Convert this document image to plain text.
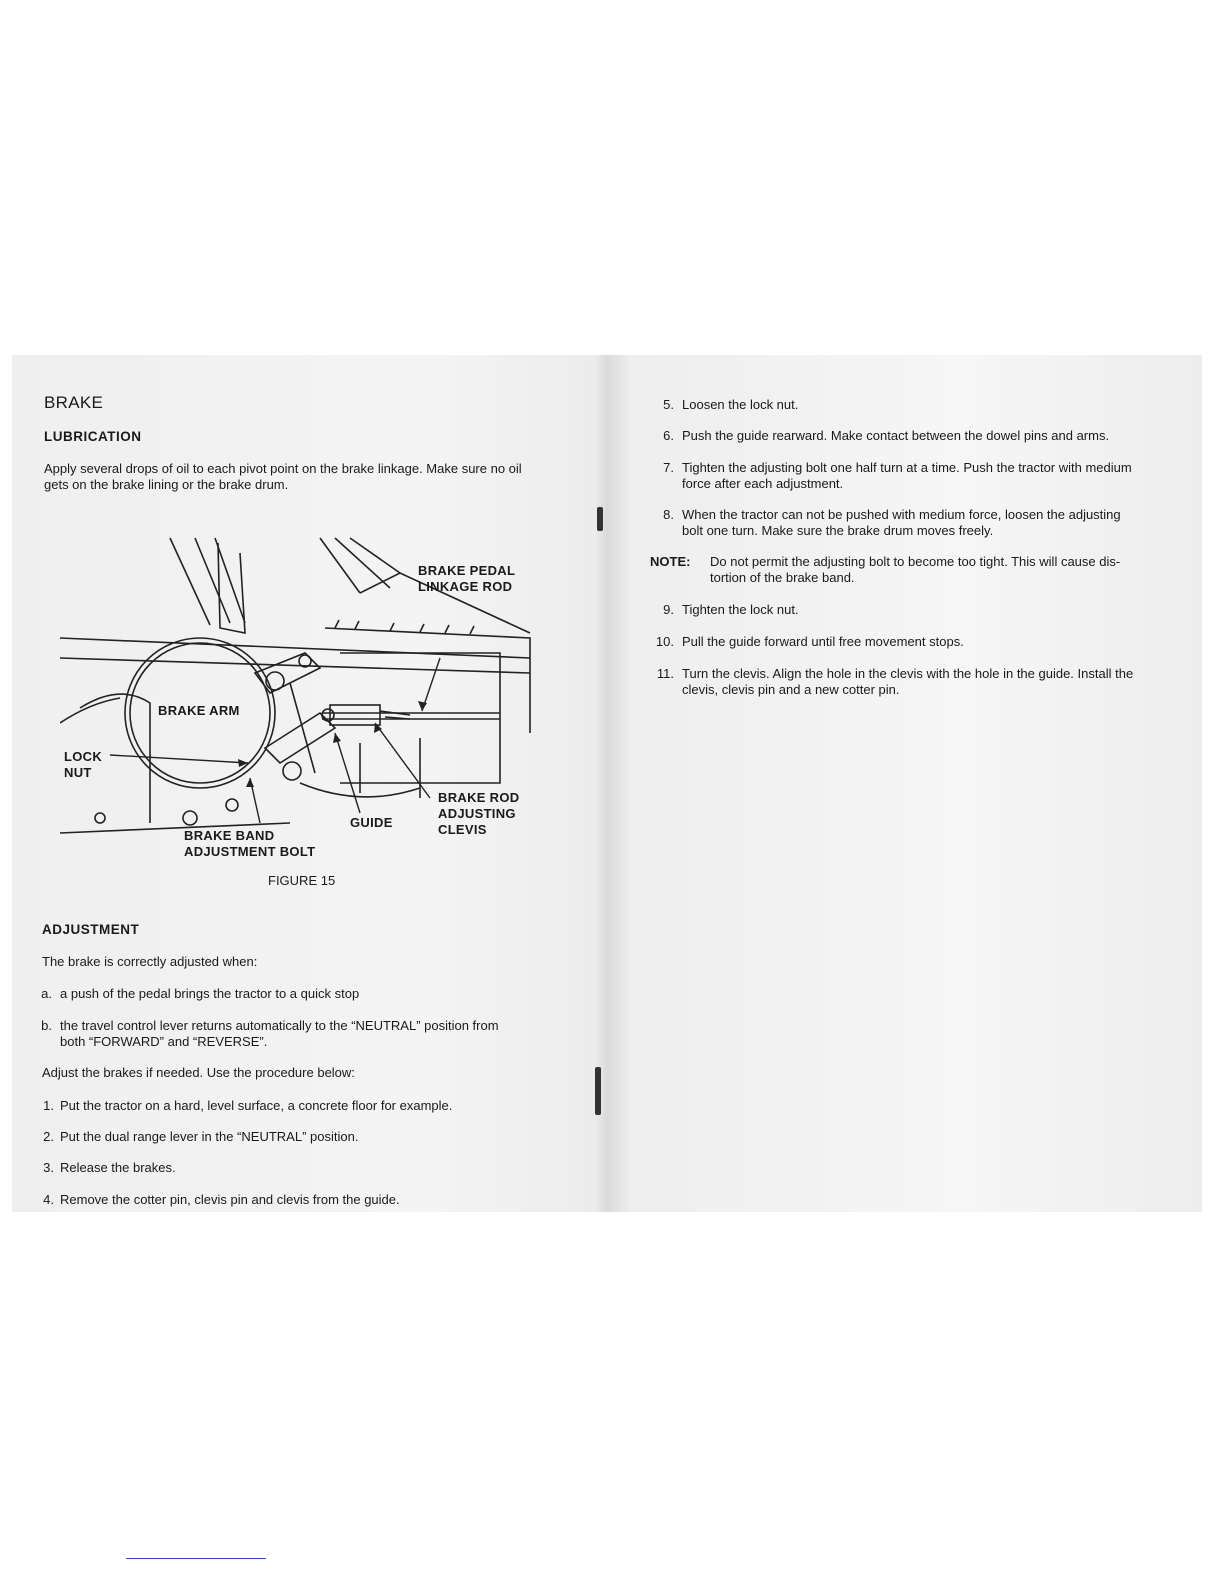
BRAKE
LUBRICATION
Apply several drops of oil to each pivot point on the brake linkage. Make sure no oil
gets on the brake lining or the brake drum.
BRAKE PEDAL
LINKAGE ROD
BRAKE ARM
LOCK
NUT
BRAKE ROD
ADJUSTING
CLEVIS
GUIDE
BRAKE BAND
ADJUSTMENT BOLT
FIGURE 15
ADJUSTMENT
The brake is correctly adjusted when:
a. a push of the pedal brings the tractor to a quick stop
b. the travel control lever returns automatically to the “NEUTRAL” position from
both “FORWARD” and “REVERSE”.
Adjust the brakes if needed. Use the procedure below:
1. Put the tractor on a hard, level surface, a concrete floor for example.
2. Put the dual range lever in the “NEUTRAL” position.
3. Release the brakes.
4. Remove the cotter pin, clevis pin and clevis from the guide.
5. Loosen the lock nut.
6. Push the guide rearward. Make contact between the dowel pins and arms.
7. Tighten the adjusting bolt one half turn at a time. Push the tractor with medium
force after each adjustment.
8. When the tractor can not be pushed with medium force, loosen the adjusting
bolt one turn. Make sure the brake drum moves freely.
NOTE: Do not permit the adjusting bolt to become too tight. This will cause dis-
tortion of the brake band.
9. Tighten the lock nut.
10. Pull the guide forward until free movement stops.
11. Turn the clevis. Align the hole in the clevis with the hole in the guide. Install the
clevis, clevis pin and a new cotter pin.
